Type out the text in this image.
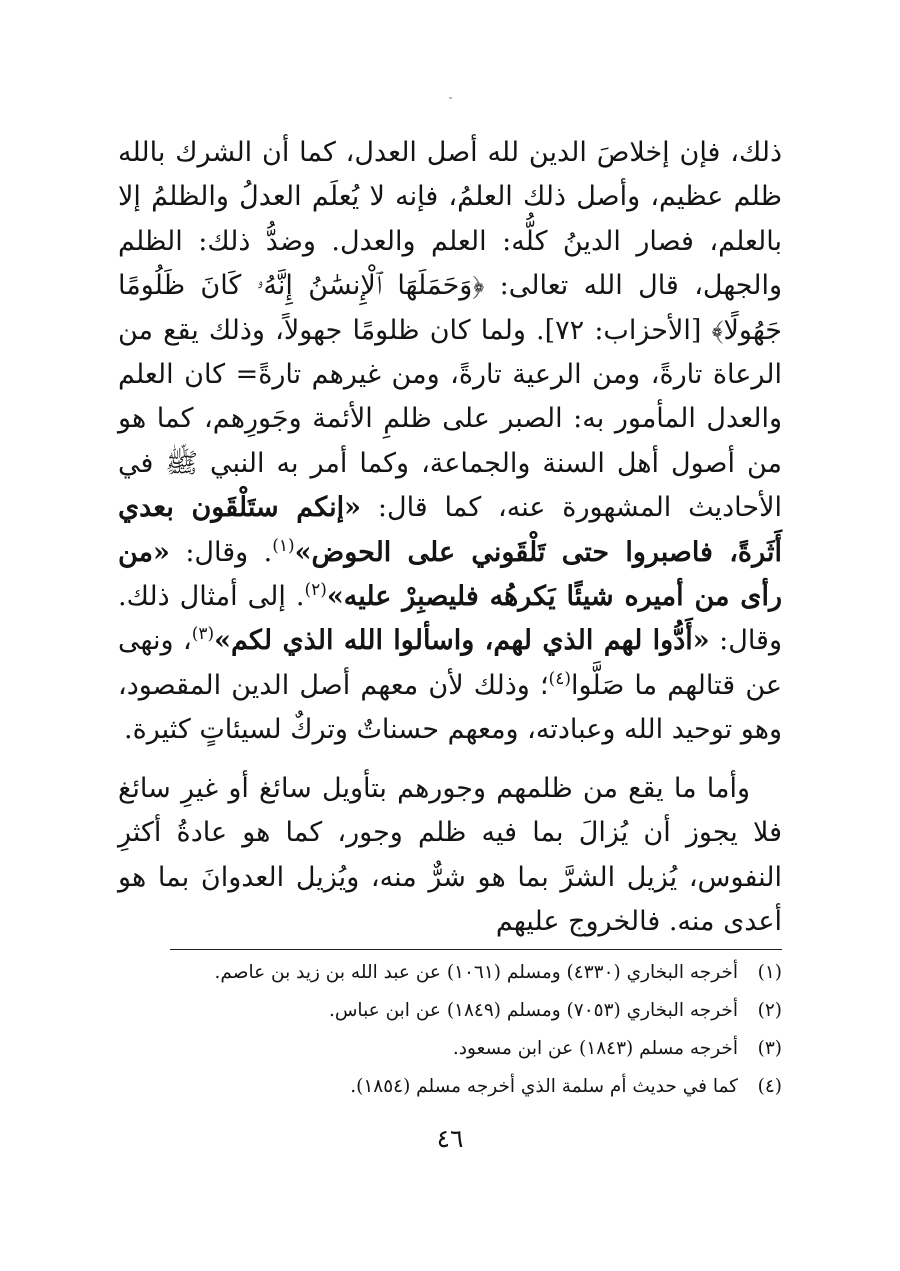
ذلك، فإن إخلاصَ الدين لله أصل العدل، كما أن الشرك بالله ظلم عظيم، وأصل ذلك العلمُ، فإنه لا يُعلَم العدلُ والظلمُ إلا بالعلم، فصار الدينُ كلُّه: العلم والعدل. وضدُّ ذلك: الظلم والجهل، قال الله تعالى: ﴿وَحَمَلَهَا ٱلْإِنسَٰنُ إِنَّهُۥ كَانَ ظَلُومًا جَهُولًا﴾ [الأحزاب: ٧٢]. ولما كان ظلومًا جهولاً، وذلك يقع من الرعاة تارةً، ومن الرعية تارةً، ومن غيرهم تارةً= كان العلم والعدل المأمور به: الصبر على ظلمِ الأئمة وجَورِهم، كما هو من أصول أهل السنة والجماعة، وكما أمر به النبي ﷺ في الأحاديث المشهورة عنه، كما قال: «إنكم ستَلْقَون بعدي أَثَرةً، فاصبروا حتى تَلْقَوني على الحوض»$^{(١)}$. وقال: «من رأى من أميره شيئًا يَكرهُه فليصبِرْ عليه»$^{(٢)}$. إلى أمثال ذلك. وقال: «أَدُّوا لهم الذي لهم، واسألوا الله الذي لكم»$^{(٣)}$، ونهى عن قتالهم ما صَلَّوا$^{(٤)}$؛ وذلك لأن معهم أصل الدين المقصود، وهو توحيد الله وعبادته، ومعهم حسناتٌ وتركٌ لسيئاتٍ كثيرة.

وأما ما يقع من ظلمهم وجورهم بتأويل سائغ أو غيرِ سائغ فلا يجوز أن يُزالَ بما فيه ظلم وجور، كما هو عادةُ أكثرِ النفوس، يُزيل الشرَّ بما هو شرٌّ منه، ويُزيل العدوانَ بما هو أعدى منه. فالخروج عليهم

(١)أخرجه البخاري (٤٣٣٠) ومسلم (١٠٦١) عن عبد الله بن زيد بن عاصم.

(٢)أخرجه البخاري (٧٠٥٣) ومسلم (١٨٤٩) عن ابن عباس.

(٣)أخرجه مسلم (١٨٤٣) عن ابن مسعود.

(٤)كما في حديث أم سلمة الذي أخرجه مسلم (١٨٥٤).

٤٦
